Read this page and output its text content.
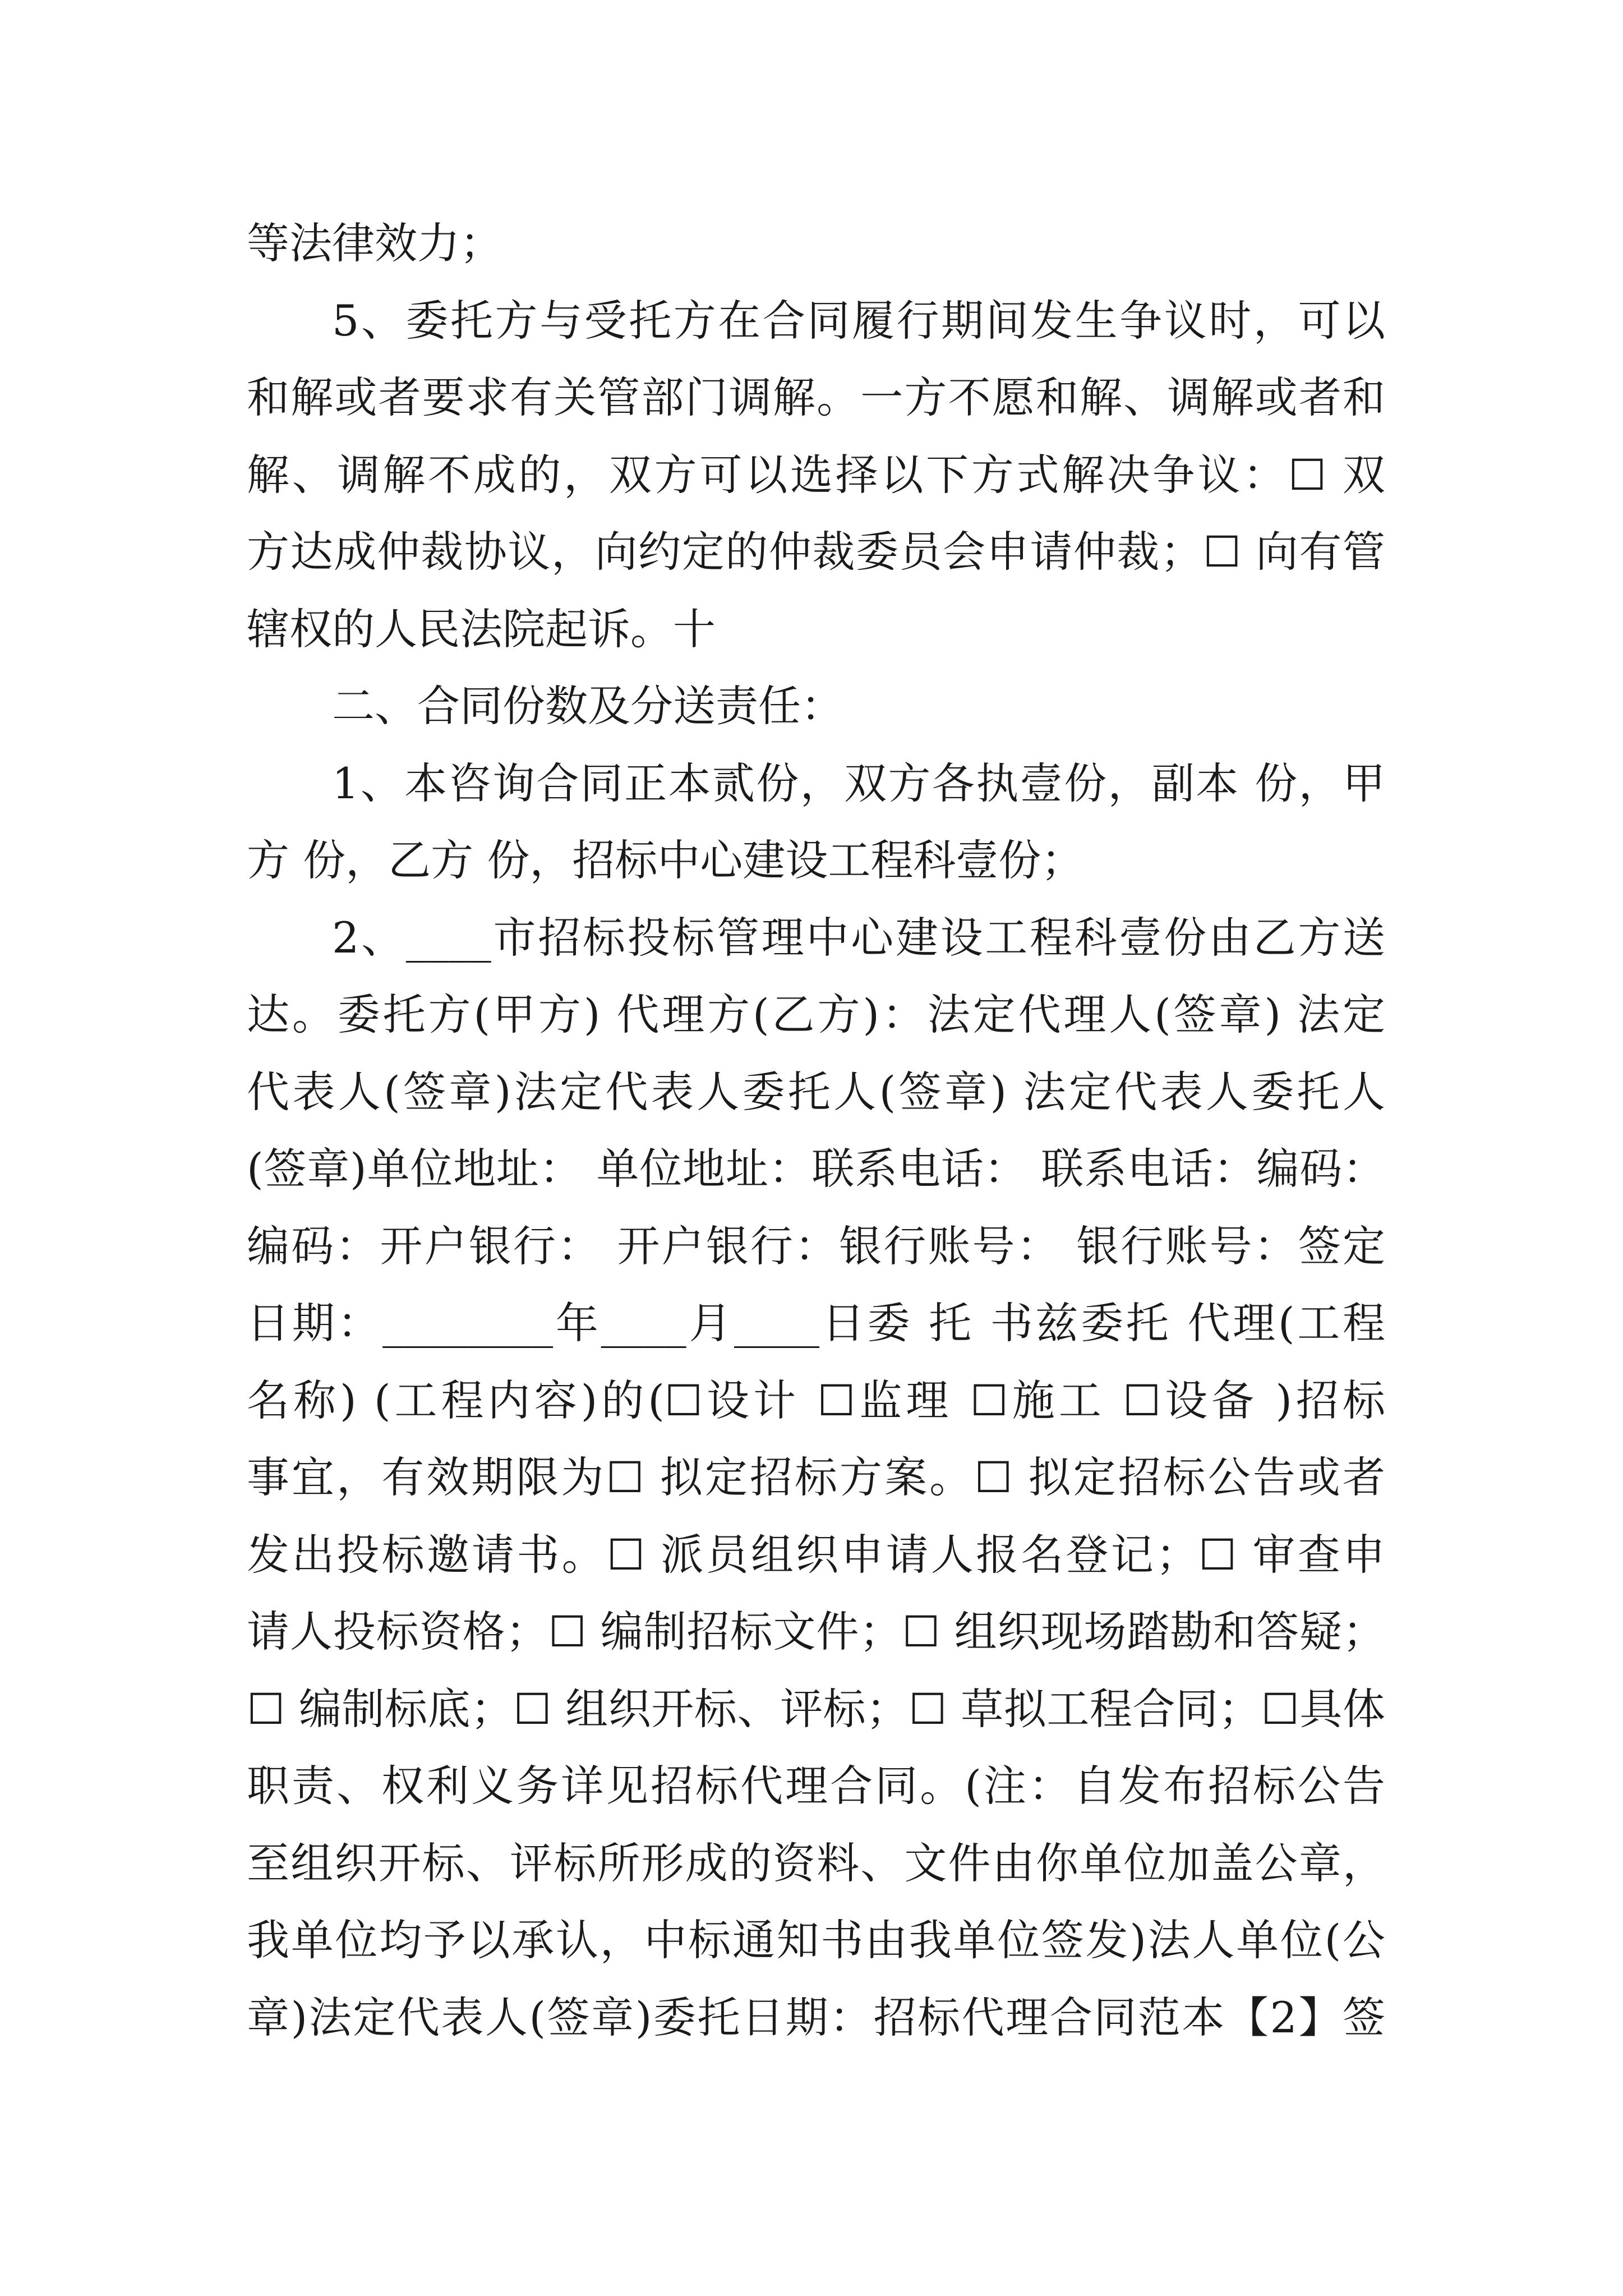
等法律效力；
5、委托方与受托方在合同履行期间发生争议时，可以
和解或者要求有关管部门调解。一方不愿和解、调解或者和
解、调解不成的，双方可以选择以下方式解决争议：☐ 双
方达成仲裁协议，向约定的仲裁委员会申请仲裁；☐ 向有管
辖权的人民法院起诉。十
二、合同份数及分送责任：
1、本咨询合同正本贰份，双方各执壹份，副本 份，甲
方 份，乙方 份，招标中心建设工程科壹份；
2、____市招标投标管理中心建设工程科壹份由乙方送
达。委托方(甲方) 代理方(乙方)：法定代理人(签章) 法定
代表人(签章)法定代表人委托人(签章) 法定代表人委托人
(签章)单位地址： 单位地址：联系电话： 联系电话：编码：
编码：开户银行： 开户银行：银行账号： 银行账号：签定
日期：________年____月____日委 托 书兹委托 代理(工程
名称) (工程内容)的(☐设计 ☐监理 ☐施工 ☐设备 )招标
事宜，有效期限为☐ 拟定招标方案。☐ 拟定招标公告或者
发出投标邀请书。☐ 派员组织申请人报名登记；☐ 审查申
请人投标资格；☐ 编制招标文件；☐ 组织现场踏勘和答疑；
☐ 编制标底；☐ 组织开标、评标；☐ 草拟工程合同；☐具体
职责、权利义务详见招标代理合同。(注：自发布招标公告
至组织开标、评标所形成的资料、文件由你单位加盖公章，
我单位均予以承认，中标通知书由我单位签发)法人单位(公
章)法定代表人(签章)委托日期：招标代理合同范本【2】签
